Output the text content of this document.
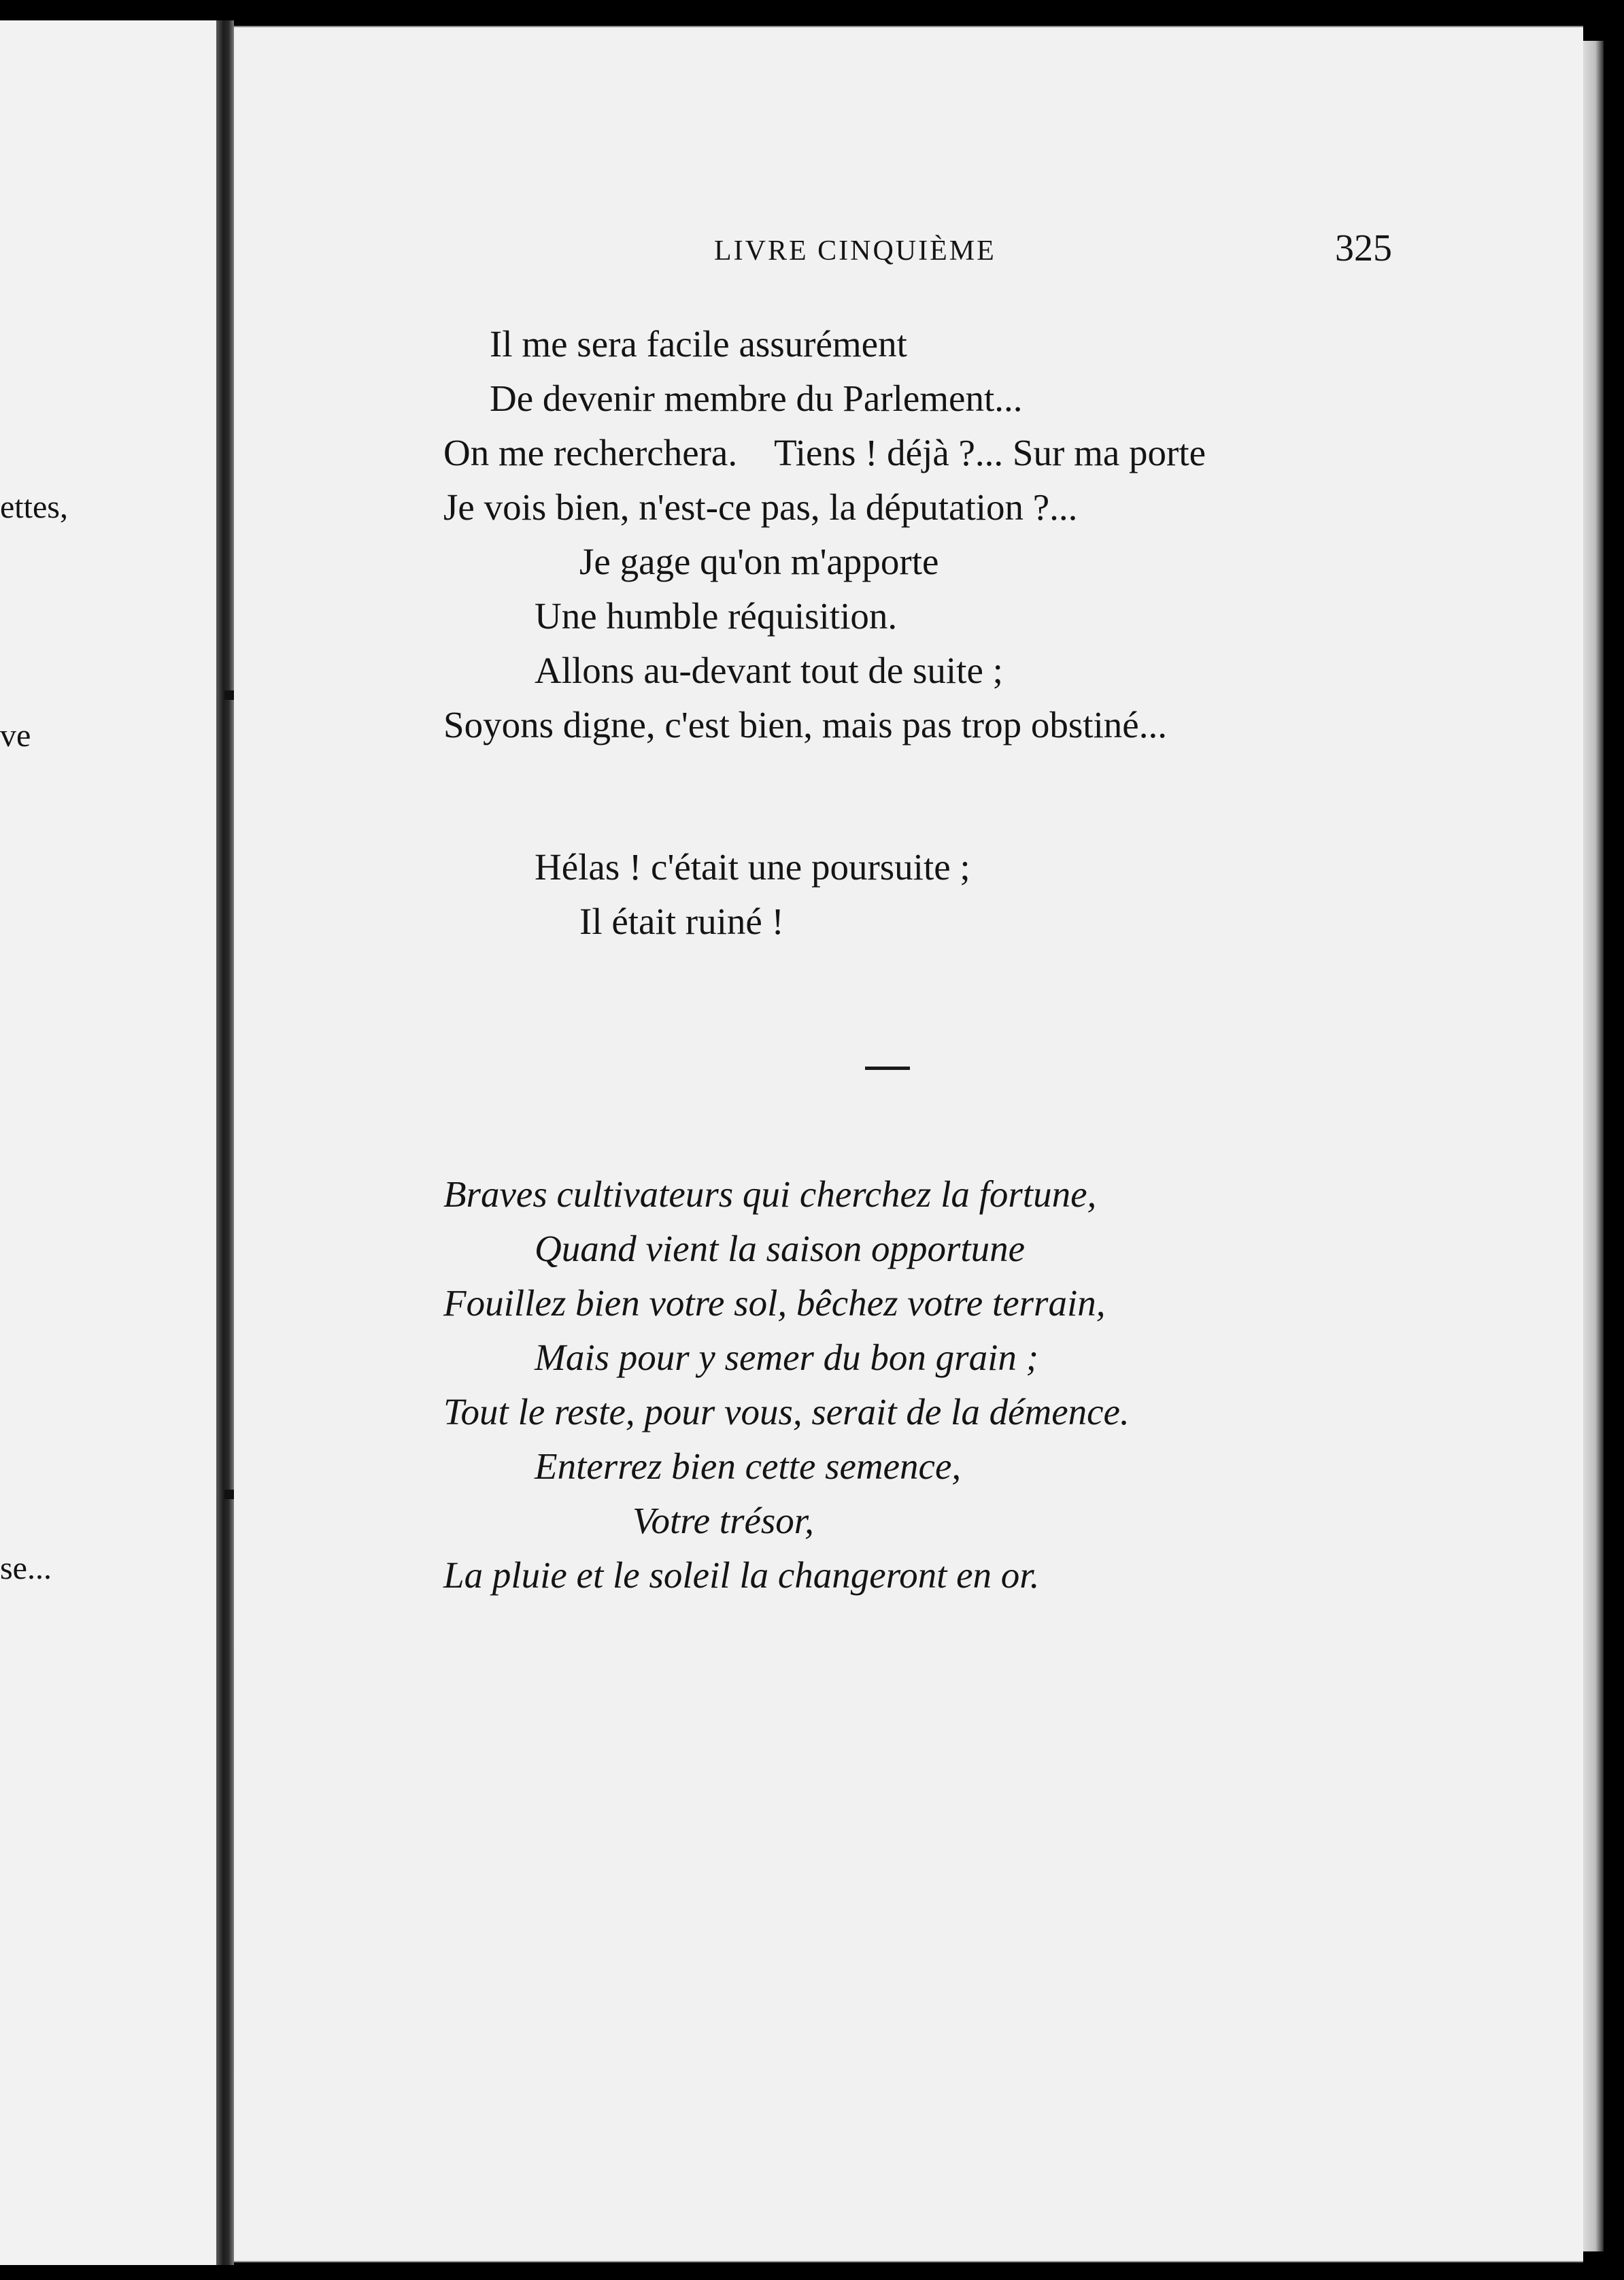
ettes,
ve
se...
LIVRE CINQUIÈME	325
Il me sera facile assurément
De devenir membre du Parlement...
On me recherchera.    Tiens ! déjà ?... Sur ma porte
Je vois bien, n'est-ce pas, la députation ?...
Je gage qu'on m'apporte
Une humble réquisition.
Allons au-devant tout de suite ;
Soyons digne, c'est bien, mais pas trop obstiné...
Hélas ! c'était une poursuite ;
Il était ruiné !
Braves cultivateurs qui cherchez la fortune,
Quand vient la saison opportune
Fouillez bien votre sol, bêchez votre terrain,
Mais pour y semer du bon grain ;
Tout le reste, pour vous, serait de la démence.
Enterrez bien cette semence,
Votre trésor,
La pluie et le soleil la changeront en or.
